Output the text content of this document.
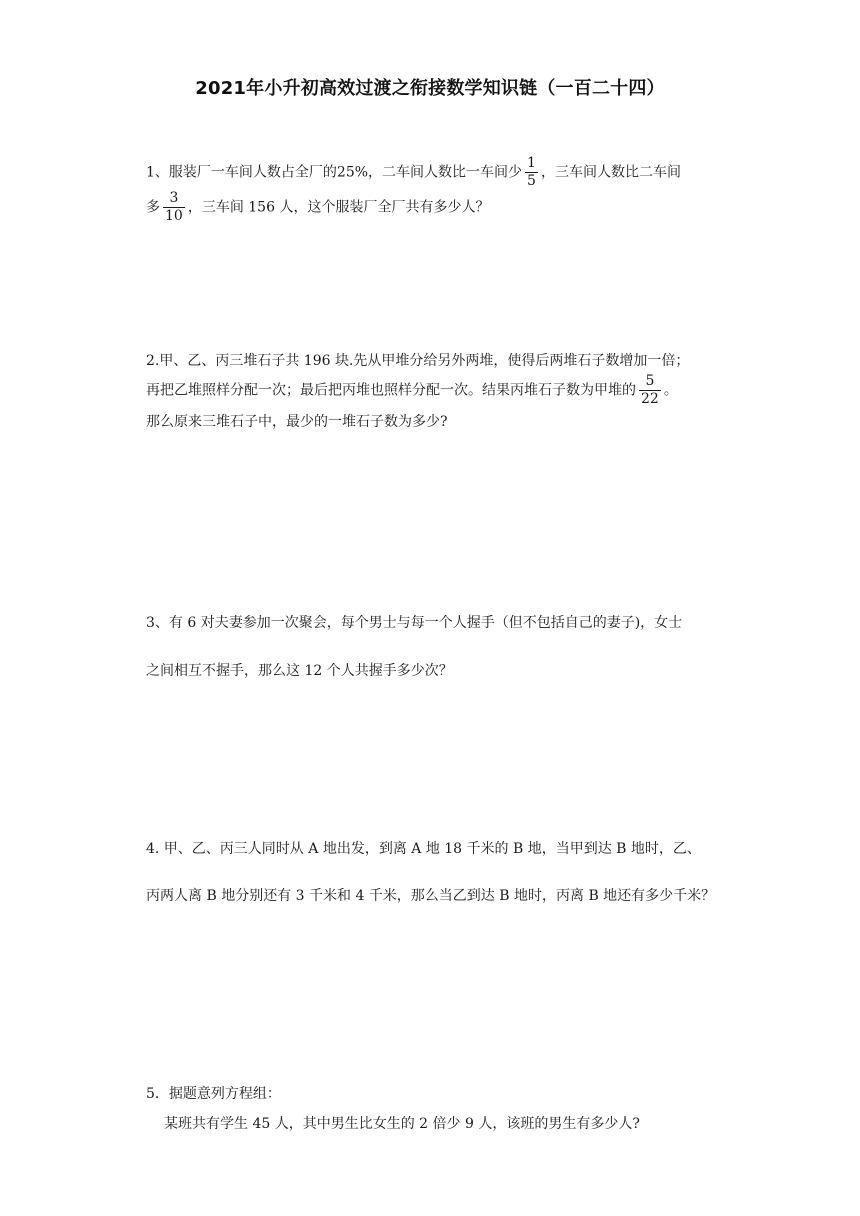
2021年小升初高效过渡之衔接数学知识链（一百二十四）
1、服装厂一车间人数占全厂的25%，二车间人数比一车间少 $\frac{1}{5}$ ，三车间人数比二车间
多 $\frac{3}{10}$ ，三车间 156 人，这个服装厂全厂共有多少人？
2.甲、乙、丙三堆石子共 196 块.先从甲堆分给另外两堆，使得后两堆石子数增加一倍；
再把乙堆照样分配一次；最后把丙堆也照样分配一次。结果丙堆石子数为甲堆的 $\frac{5}{22}$ 。
那么原来三堆石子中，最少的一堆石子数为多少?
3、有 6 对夫妻参加一次聚会，每个男士与每一个人握手（但不包括自己的妻子)，女士
之间相互不握手，那么这 12 个人共握手多少次？
4. 甲、乙、丙三人同时从 A 地出发，到离 A 地 18 千米的 B 地，当甲到达 B 地时，乙、
丙两人离 B 地分别还有 3 千米和 4 千米，那么当乙到达 B 地时，丙离 B 地还有多少千米？
5．据题意列方程组：
某班共有学生 45 人，其中男生比女生的 2 倍少 9 人，该班的男生有多少人?
